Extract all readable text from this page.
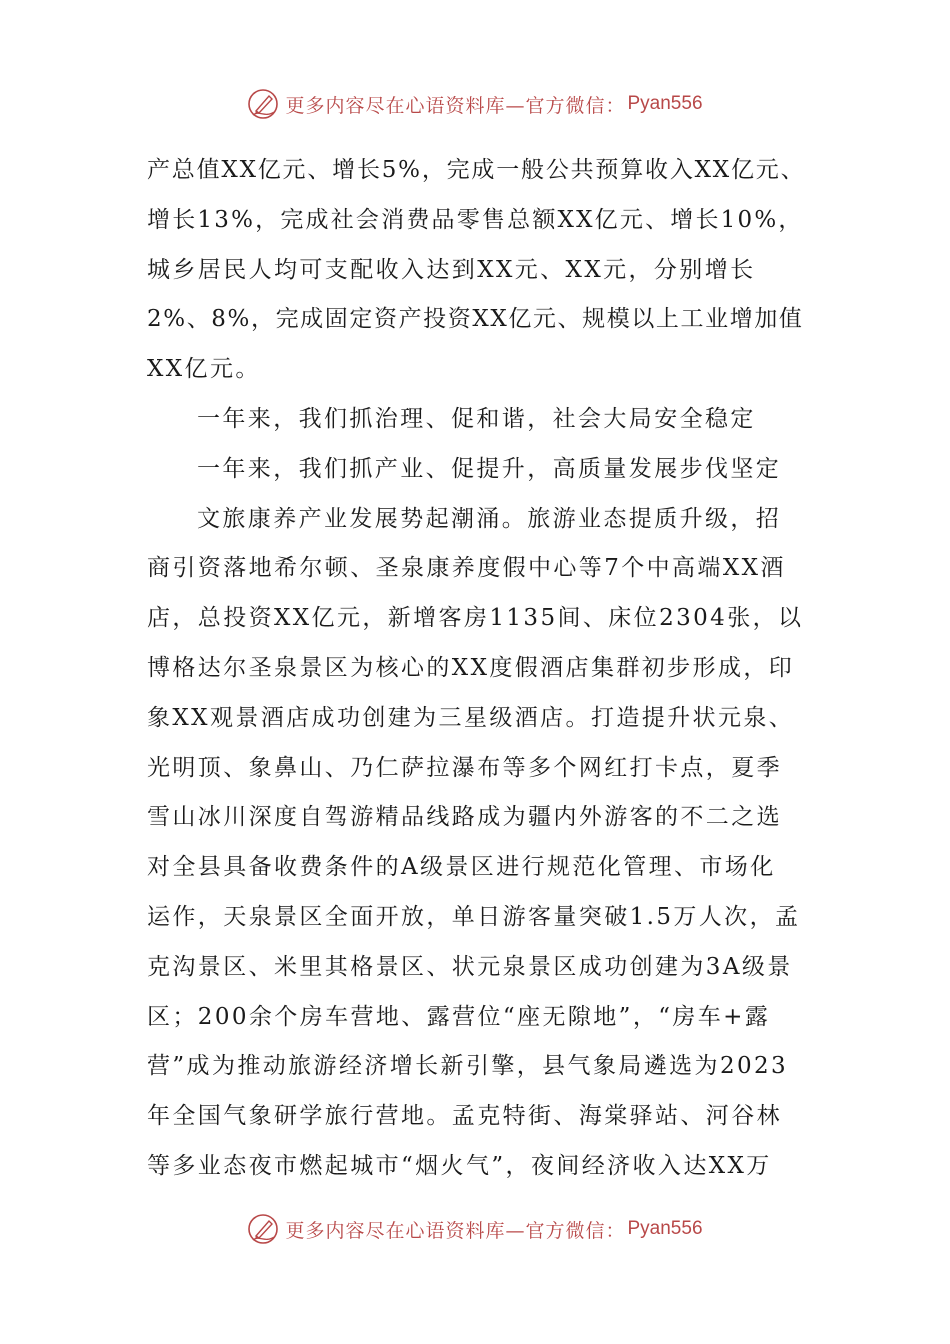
更多内容尽在心语资料库—官方微信： Pyan556
产总值XX亿元、增长5%，完成一般公共预算收入XX亿元、
增长13%，完成社会消费品零售总额XX亿元、增长10%，
城乡居民人均可支配收入达到XX元、XX元，分别增长
2%、8%，完成固定资产投资XX亿元、规模以上工业增加值
XX亿元。
一年来，我们抓治理、促和谐，社会大局安全稳定
一年来，我们抓产业、促提升，高质量发展步伐坚定
文旅康养产业发展势起潮涌。旅游业态提质升级，招
商引资落地希尔顿、圣泉康养度假中心等7个中高端XX酒
店，总投资XX亿元，新增客房1135间、床位2304张，以
博格达尔圣泉景区为核心的XX度假酒店集群初步形成，印
象XX观景酒店成功创建为三星级酒店。打造提升状元泉、
光明顶、象鼻山、乃仁萨拉瀑布等多个网红打卡点，夏季
雪山冰川深度自驾游精品线路成为疆内外游客的不二之选
对全县具备收费条件的A级景区进行规范化管理、市场化
运作，天泉景区全面开放，单日游客量突破1.5万人次，孟
克沟景区、米里其格景区、状元泉景区成功创建为3A级景
区；200余个房车营地、露营位“座无隙地”，“房车+露
营”成为推动旅游经济增长新引擎，县气象局遴选为2023
年全国气象研学旅行营地。孟克特街、海棠驿站、河谷林
等多业态夜市燃起城市“烟火气”，夜间经济收入达XX万
更多内容尽在心语资料库—官方微信： Pyan556
